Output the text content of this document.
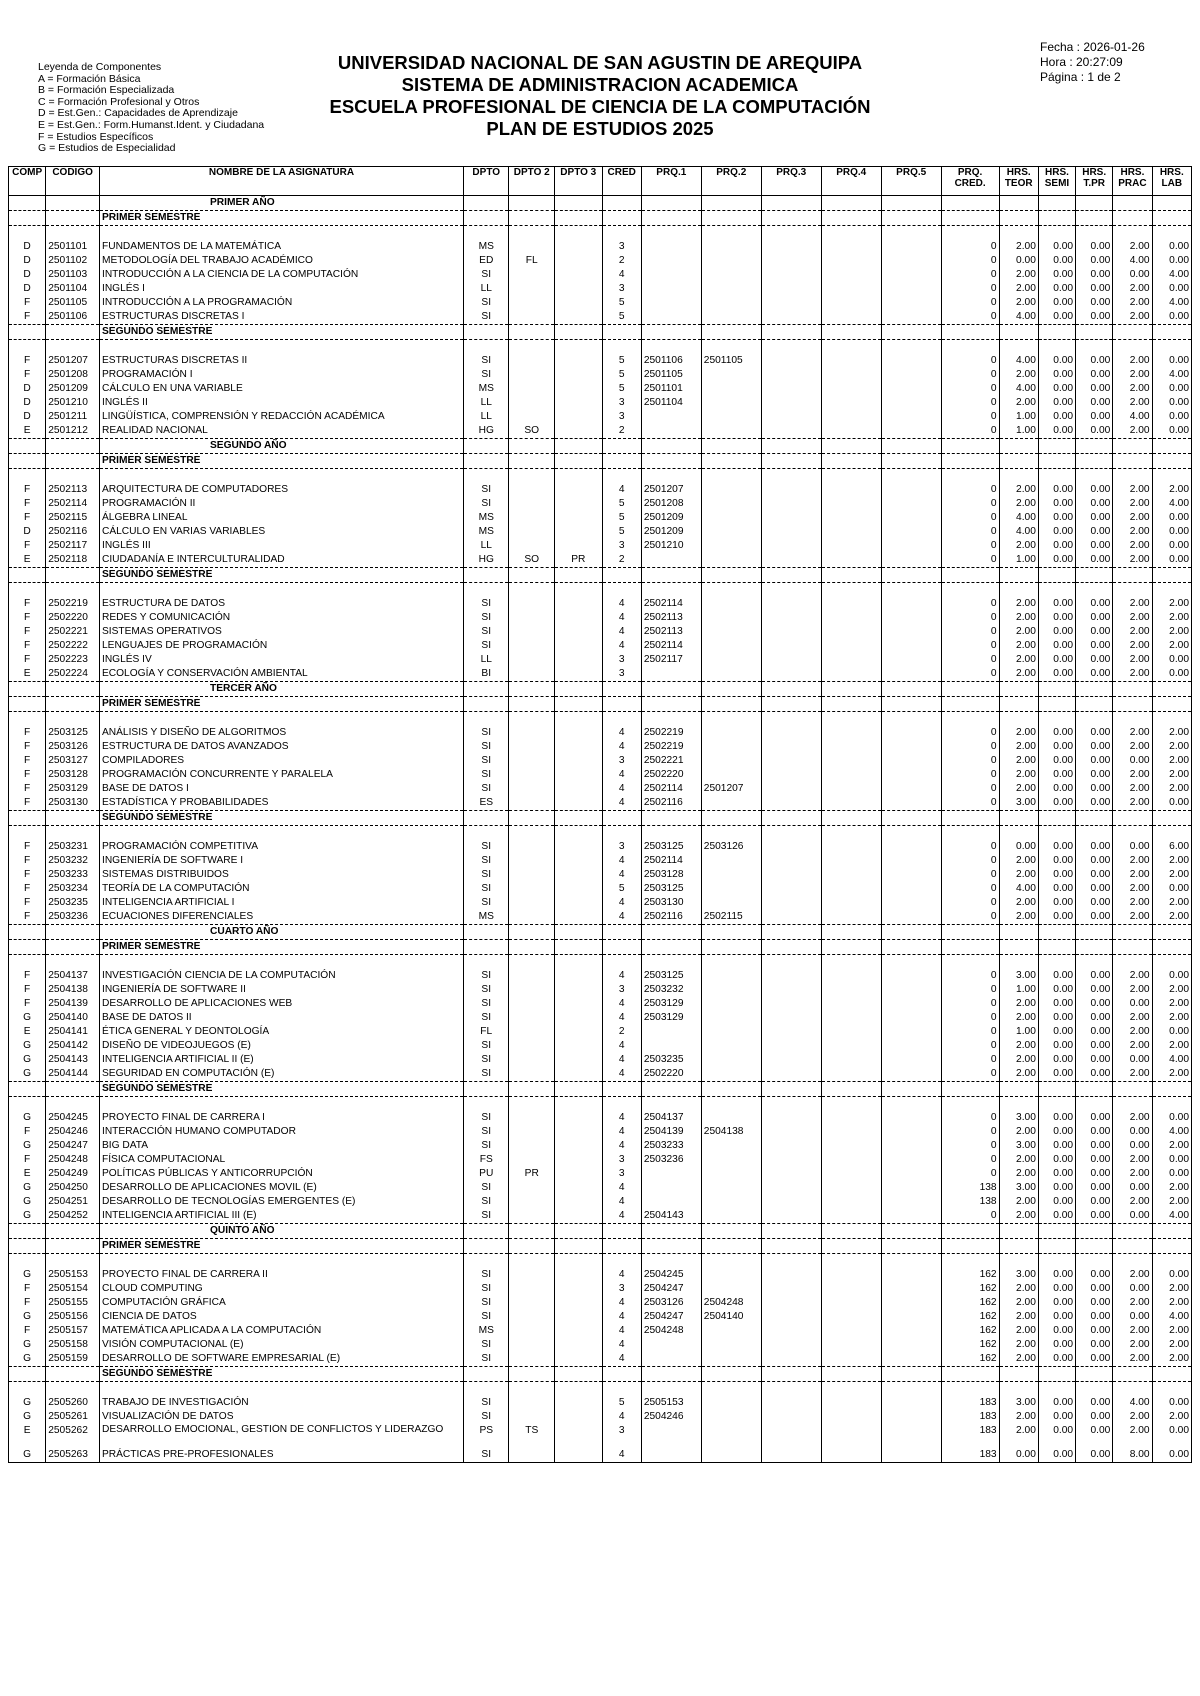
Leyenda de Componentes
A = Formación Básica
B = Formación Especializada
C = Formación Profesional y Otros
D = Est.Gen.: Capacidades de Aprendizaje
E = Est.Gen.: Form.Humanst.Ident. y Ciudadana
F = Estudios Específicos
G = Estudios de Especialidad
UNIVERSIDAD NACIONAL DE SAN AGUSTIN DE AREQUIPA
SISTEMA DE ADMINISTRACION ACADEMICA
ESCUELA PROFESIONAL DE CIENCIA DE LA COMPUTACIÓN
PLAN DE ESTUDIOS 2025
Fecha : 2026-01-26
Hora : 20:27:09
Página : 1 de 2
COMP	CODIGO	NOMBRE DE LA ASIGNATURA	DPTO	DPTO 2	DPTO 3	CRED	PRQ.1	PRQ.2	PRQ.3	PRQ.4	PRQ.5	PRQ. CRED.	HRS. TEOR	HRS. SEMI	HRS. T.PR	HRS. PRAC	HRS. LAB
		PRIMER AÑO															
		PRIMER SEMESTRE															

D	2501101	FUNDAMENTOS DE LA MATEMÁTICA	MS			3						0	2.00	0.00	0.00	2.00	0.00
D	2501102	METODOLOGÍA DEL TRABAJO ACADÉMICO	ED	FL		2						0	0.00	0.00	0.00	4.00	0.00
D	2501103	INTRODUCCIÓN A LA CIENCIA DE LA COMPUTACIÓN	SI			4						0	2.00	0.00	0.00	0.00	4.00
D	2501104	INGLÉS I	LL			3						0	2.00	0.00	0.00	2.00	0.00
F	2501105	INTRODUCCIÓN A LA PROGRAMACIÓN	SI			5						0	2.00	0.00	0.00	2.00	4.00
F	2501106	ESTRUCTURAS DISCRETAS I	SI			5						0	4.00	0.00	0.00	2.00	0.00
		SEGUNDO SEMESTRE															

F	2501207	ESTRUCTURAS DISCRETAS II	SI			5	2501106	2501105				0	4.00	0.00	0.00	2.00	0.00
F	2501208	PROGRAMACIÓN I	SI			5	2501105					0	2.00	0.00	0.00	2.00	4.00
D	2501209	CÁLCULO EN UNA VARIABLE	MS			5	2501101					0	4.00	0.00	0.00	2.00	0.00
D	2501210	INGLÉS II	LL			3	2501104					0	2.00	0.00	0.00	2.00	0.00
D	2501211	LINGÜÍSTICA, COMPRENSIÓN Y REDACCIÓN ACADÉMICA	LL			3						0	1.00	0.00	0.00	4.00	0.00
E	2501212	REALIDAD NACIONAL	HG	SO		2						0	1.00	0.00	0.00	2.00	0.00
		SEGUNDO AÑO															
		PRIMER SEMESTRE															

F	2502113	ARQUITECTURA DE COMPUTADORES	SI			4	2501207					0	2.00	0.00	0.00	2.00	2.00
F	2502114	PROGRAMACIÓN II	SI			5	2501208					0	2.00	0.00	0.00	2.00	4.00
F	2502115	ÁLGEBRA LINEAL	MS			5	2501209					0	4.00	0.00	0.00	2.00	0.00
D	2502116	CÁLCULO EN VARIAS VARIABLES	MS			5	2501209					0	4.00	0.00	0.00	2.00	0.00
F	2502117	INGLÉS III	LL			3	2501210					0	2.00	0.00	0.00	2.00	0.00
E	2502118	CIUDADANÍA E INTERCULTURALIDAD	HG	SO	PR	2						0	1.00	0.00	0.00	2.00	0.00
		SEGUNDO SEMESTRE															

F	2502219	ESTRUCTURA DE DATOS	SI			4	2502114					0	2.00	0.00	0.00	2.00	2.00
F	2502220	REDES Y COMUNICACIÓN	SI			4	2502113					0	2.00	0.00	0.00	2.00	2.00
F	2502221	SISTEMAS OPERATIVOS	SI			4	2502113					0	2.00	0.00	0.00	2.00	2.00
F	2502222	LENGUAJES DE PROGRAMACIÓN	SI			4	2502114					0	2.00	0.00	0.00	2.00	2.00
F	2502223	INGLÉS IV	LL			3	2502117					0	2.00	0.00	0.00	2.00	0.00
E	2502224	ECOLOGÍA Y CONSERVACIÓN AMBIENTAL	BI			3						0	2.00	0.00	0.00	2.00	0.00
		TERCER AÑO															
		PRIMER SEMESTRE															

F	2503125	ANÁLISIS Y DISEÑO DE ALGORITMOS	SI			4	2502219					0	2.00	0.00	0.00	2.00	2.00
F	2503126	ESTRUCTURA DE DATOS AVANZADOS	SI			4	2502219					0	2.00	0.00	0.00	2.00	2.00
F	2503127	COMPILADORES	SI			3	2502221					0	2.00	0.00	0.00	0.00	2.00
F	2503128	PROGRAMACIÓN CONCURRENTE Y PARALELA	SI			4	2502220					0	2.00	0.00	0.00	2.00	2.00
F	2503129	BASE DE DATOS I	SI			4	2502114	2501207				0	2.00	0.00	0.00	2.00	2.00
F	2503130	ESTADÍSTICA Y PROBABILIDADES	ES			4	2502116					0	3.00	0.00	0.00	2.00	0.00
		SEGUNDO SEMESTRE															

F	2503231	PROGRAMACIÓN COMPETITIVA	SI			3	2503125	2503126				0	0.00	0.00	0.00	0.00	6.00
F	2503232	INGENIERÍA DE SOFTWARE I	SI			4	2502114					0	2.00	0.00	0.00	2.00	2.00
F	2503233	SISTEMAS DISTRIBUIDOS	SI			4	2503128					0	2.00	0.00	0.00	2.00	2.00
F	2503234	TEORÍA DE LA COMPUTACIÓN	SI			5	2503125					0	4.00	0.00	0.00	2.00	0.00
F	2503235	INTELIGENCIA ARTIFICIAL I	SI			4	2503130					0	2.00	0.00	0.00	2.00	2.00
F	2503236	ECUACIONES DIFERENCIALES	MS			4	2502116	2502115				0	2.00	0.00	0.00	2.00	2.00
		CUARTO AÑO															
		PRIMER SEMESTRE															

F	2504137	INVESTIGACIÓN CIENCIA DE LA COMPUTACIÓN	SI			4	2503125					0	3.00	0.00	0.00	2.00	0.00
F	2504138	INGENIERÍA DE SOFTWARE II	SI			3	2503232					0	1.00	0.00	0.00	2.00	2.00
F	2504139	DESARROLLO DE APLICACIONES WEB	SI			4	2503129					0	2.00	0.00	0.00	0.00	2.00
G	2504140	BASE DE DATOS II	SI			4	2503129					0	2.00	0.00	0.00	2.00	2.00
E	2504141	ÉTICA GENERAL Y DEONTOLOGÍA	FL			2						0	1.00	0.00	0.00	2.00	0.00
G	2504142	DISEÑO DE VIDEOJUEGOS (E)	SI			4						0	2.00	0.00	0.00	2.00	2.00
G	2504143	INTELIGENCIA ARTIFICIAL II (E)	SI			4	2503235					0	2.00	0.00	0.00	0.00	4.00
G	2504144	SEGURIDAD EN COMPUTACIÓN (E)	SI			4	2502220					0	2.00	0.00	0.00	2.00	2.00
		SEGUNDO SEMESTRE															

G	2504245	PROYECTO FINAL DE CARRERA I	SI			4	2504137					0	3.00	0.00	0.00	2.00	0.00
F	2504246	INTERACCIÓN HUMANO COMPUTADOR	SI			4	2504139	2504138				0	2.00	0.00	0.00	0.00	4.00
G	2504247	BIG DATA	SI			4	2503233					0	3.00	0.00	0.00	0.00	2.00
F	2504248	FÍSICA COMPUTACIONAL	FS			3	2503236					0	2.00	0.00	0.00	2.00	0.00
E	2504249	POLÍTICAS PÚBLICAS Y ANTICORRUPCIÓN	PU	PR		3						0	2.00	0.00	0.00	2.00	0.00
G	2504250	DESARROLLO DE APLICACIONES MOVIL (E)	SI			4						138	3.00	0.00	0.00	0.00	2.00
G	2504251	DESARROLLO DE TECNOLOGÍAS EMERGENTES (E)	SI			4						138	2.00	0.00	0.00	2.00	2.00
G	2504252	INTELIGENCIA ARTIFICIAL III (E)	SI			4	2504143					0	2.00	0.00	0.00	0.00	4.00
		QUINTO AÑO															
		PRIMER SEMESTRE															

G	2505153	PROYECTO FINAL DE CARRERA II	SI			4	2504245					162	3.00	0.00	0.00	2.00	0.00
F	2505154	CLOUD COMPUTING	SI			3	2504247					162	2.00	0.00	0.00	0.00	2.00
F	2505155	COMPUTACIÓN GRÁFICA	SI			4	2503126	2504248				162	2.00	0.00	0.00	2.00	2.00
G	2505156	CIENCIA DE DATOS	SI			4	2504247	2504140				162	2.00	0.00	0.00	0.00	4.00
F	2505157	MATEMÁTICA APLICADA A LA COMPUTACIÓN	MS			4	2504248					162	2.00	0.00	0.00	2.00	2.00
G	2505158	VISIÓN COMPUTACIONAL (E)	SI			4						162	2.00	0.00	0.00	2.00	2.00
G	2505159	DESARROLLO DE SOFTWARE EMPRESARIAL (E)	SI			4						162	2.00	0.00	0.00	2.00	2.00
		SEGUNDO SEMESTRE															

G	2505260	TRABAJO DE INVESTIGACIÓN	SI			5	2505153					183	3.00	0.00	0.00	4.00	0.00
G	2505261	VISUALIZACIÓN DE DATOS	SI			4	2504246					183	2.00	0.00	0.00	2.00	2.00
E	2505262	DESARROLLO EMOCIONAL, GESTIÓN DE CONFLICTOS Y LIDERAZGO	PS	TS		3						183	2.00	0.00	0.00	2.00	0.00
G	2505263	PRÁCTICAS PRE-PROFESIONALES	SI			4						183	0.00	0.00	0.00	8.00	0.00
